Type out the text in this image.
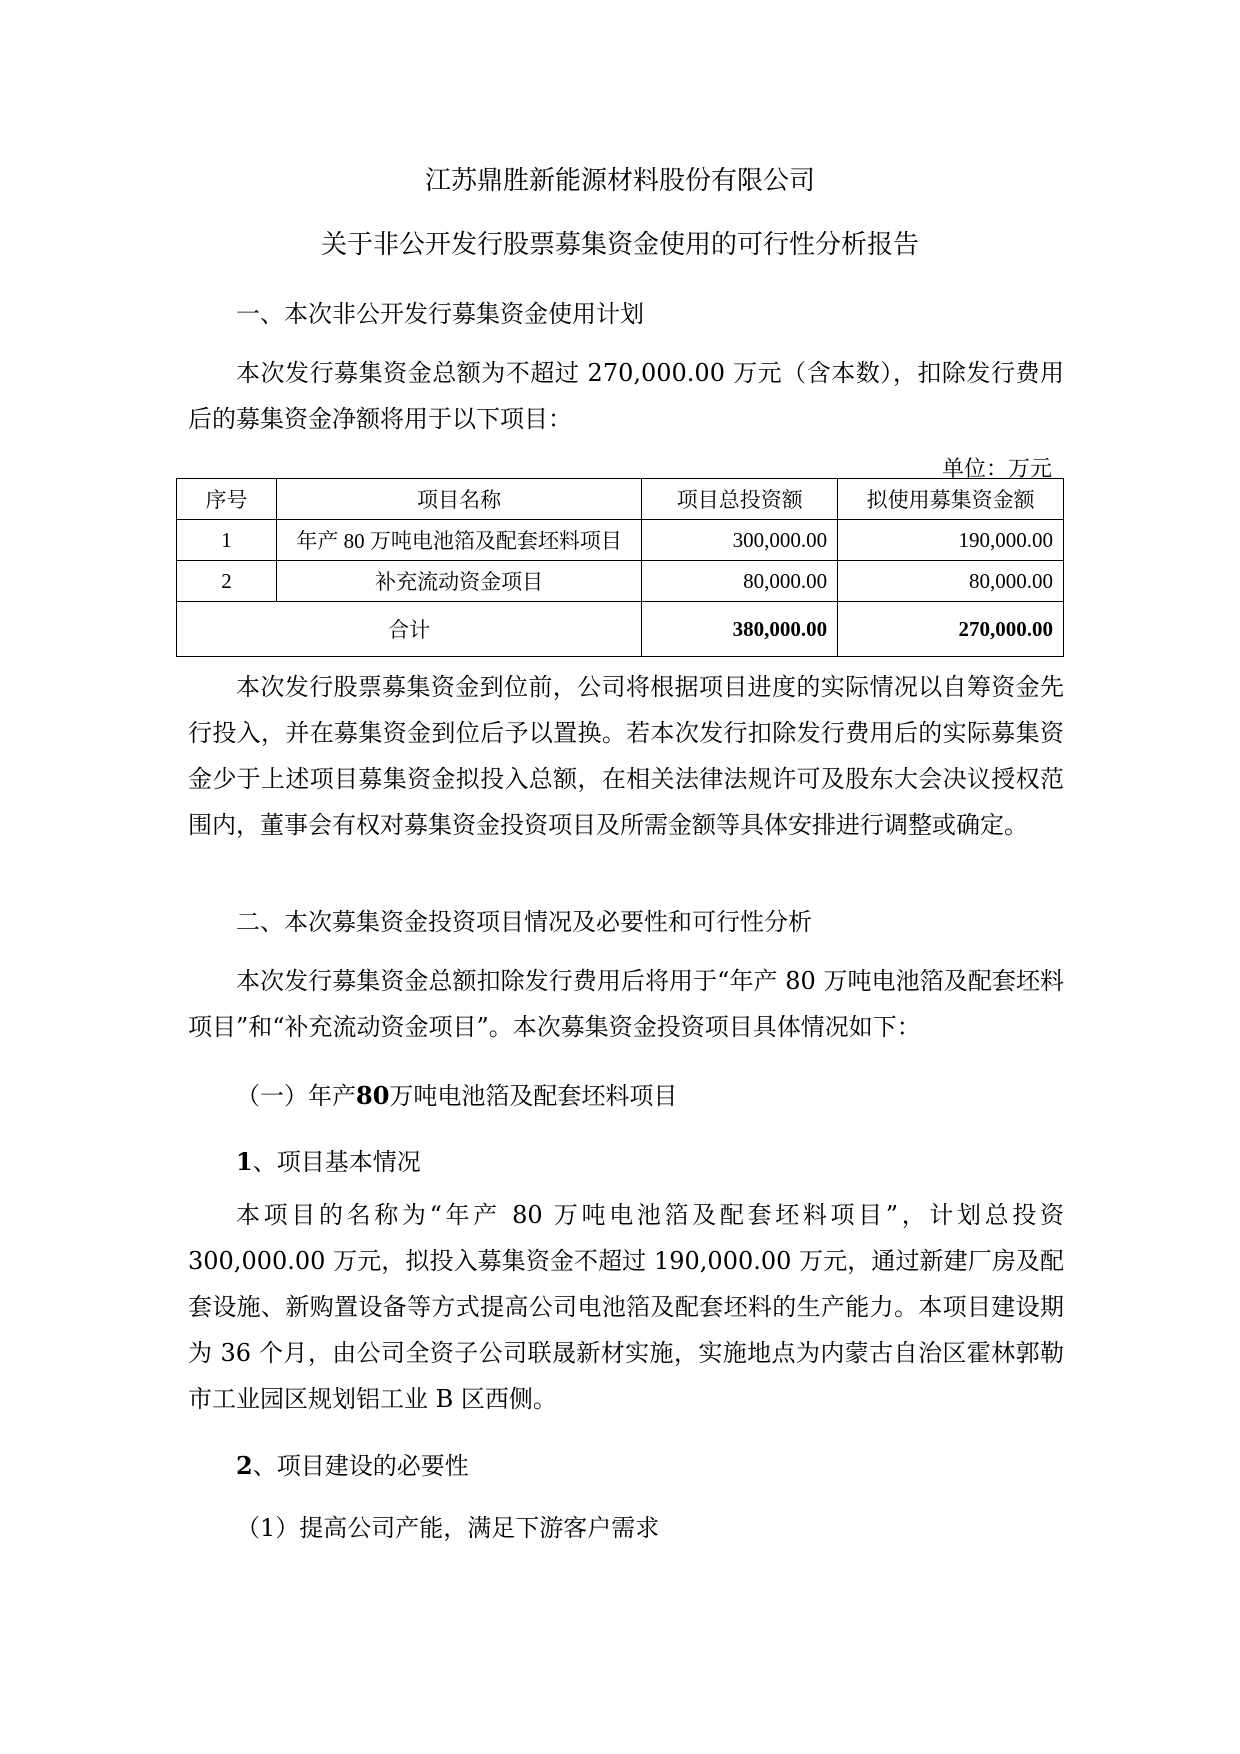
江苏鼎胜新能源材料股份有限公司
关于非公开发行股票募集资金使用的可行性分析报告
一、本次非公开发行募集资金使用计划
本次发行募集资金总额为不超过 270,000.00 万元（含本数），扣除发行费用后的募集资金净额将用于以下项目：
单位：万元
序号	项目名称	项目总投资额	拟使用募集资金额
1	年产 80 万吨电池箔及配套坯料项目	300,000.00	190,000.00
2	补充流动资金项目	80,000.00	80,000.00
合计		380,000.00	270,000.00
本次发行股票募集资金到位前，公司将根据项目进度的实际情况以自筹资金先行投入，并在募集资金到位后予以置换。若本次发行扣除发行费用后的实际募集资金少于上述项目募集资金拟投入总额，在相关法律法规许可及股东大会决议授权范围内，董事会有权对募集资金投资项目及所需金额等具体安排进行调整或确定。
二、本次募集资金投资项目情况及必要性和可行性分析
本次发行募集资金总额扣除发行费用后将用于“年产 80 万吨电池箔及配套坯料项目”和“补充流动资金项目”。本次募集资金投资项目具体情况如下：
（一）年产80万吨电池箔及配套坯料项目
1、项目基本情况
本项目的名称为“年产 80 万吨电池箔及配套坯料项目”，计划总投资 300,000.00 万元，拟投入募集资金不超过 190,000.00 万元，通过新建厂房及配套设施、新购置设备等方式提高公司电池箔及配套坯料的生产能力。本项目建设期为 36 个月，由公司全资子公司联晟新材实施，实施地点为内蒙古自治区霍林郭勒市工业园区规划铝工业 B 区西侧。
2、项目建设的必要性
（1）提高公司产能，满足下游客户需求
